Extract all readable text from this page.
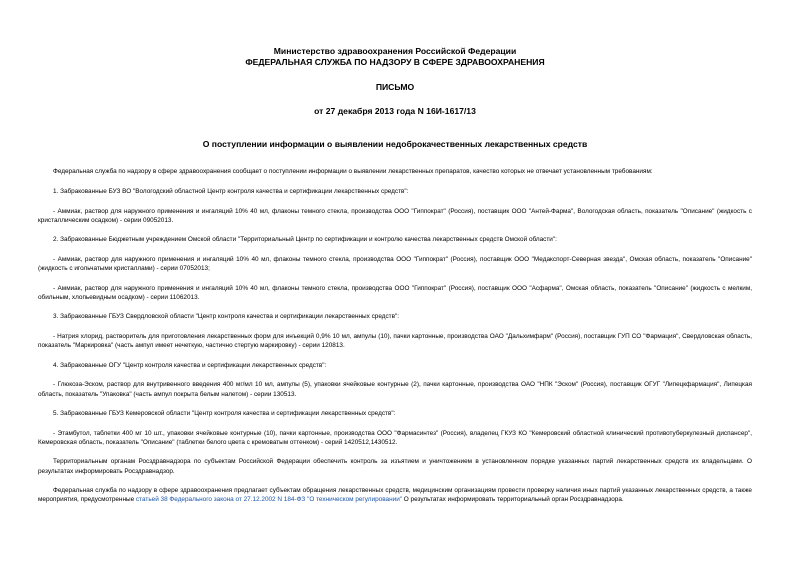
Министерство здравоохранения Российской Федерации
ФЕДЕРАЛЬНАЯ СЛУЖБА ПО НАДЗОРУ В СФЕРЕ ЗДРАВООХРАНЕНИЯ
ПИСЬМО
от 27 декабря 2013 года N 16И-1617/13
О поступлении информации о выявлении недоброкачественных лекарственных средств

Федеральная служба по надзору в сфере здравоохранения сообщает о поступлении информации о выявлении лекарственных препаратов, качество которых не отвечает установленным требованиям:

1. Забракованные БУЗ ВО "Вологодский областной Центр контроля качества и сертификации лекарственных средств":

- Аммиак, раствор для наружного применения и ингаляций 10% 40 мл, флаконы темного стекла, производства ООО "Гиппократ" (Россия), поставщик ООО "Антей-Фарма", Вологодская область, показатель "Описание" (жидкость с кристаллическим осадком) - серии 09052013.

2. Забракованные Бюджетным учреждением Омской области "Территориальный Центр по сертификации и контролю качества лекарственных средств Омской области":

- Аммиак, раствор для наружного применения и ингаляций 10% 40 мл, флаконы темного стекла, производства ООО "Гиппократ" (Россия), поставщик ООО "Медакспорт-Северная звезда", Омская область, показатель "Описание" (жидкость с игольчатыми кристаллами) - серии 07052013;

- Аммиак, раствор для наружного применения и ингаляций 10% 40 мл, флаконы темного стекла, производства ООО "Гиппократ" (Россия), поставщик ООО "Асфарма", Омская область, показатель "Описание" (жидкость с мелким, обильным, хлопьевидным осадком) - серии 11062013.

3. Забракованные ГБУЗ Свердловской области "Центр контроля качества и сертификации лекарственных средств":

- Натрия хлорид, растворитель для приготовления лекарственных форм для инъекций 0,9% 10 мл, ампулы (10), пачки картонные, производства ОАО "Дальхимфарм" (Россия), поставщик ГУП СО "Фармация", Свердловская область, показатель "Маркировка" (часть ампул имеет нечеткую, частично стертую маркировку) - серии 120813.

4. Забракованные ОГУ "Центр контроля качества и сертификации лекарственных средств":

- Глюкоза-Эском, раствор для внутривенного введения 400 мг/мл 10 мл, ампулы (5), упаковки ячейковые контурные (2), пачки картонные, производства ОАО "НПК "Эском" (Россия), поставщик ОГУГ "Липецкфармация", Липецкая область, показатель "Упаковка" (часть ампул покрыта белым налетом) - серии 130513.

5. Забракованные ГБУЗ Кемеровской области "Центр контроля качества и сертификации лекарственных средств":

- Этамбутол, таблетки 400 мг 10 шт., упаковки ячейковые контурные (10), пачки картонные, производства ООО "Фармасинтез" (Россия), владелец ГКУЗ КО "Кемеровский областной клинический противотуберкулезный диспансер", Кемеровская область, показатель "Описание" (таблетки белого цвета с кремоватым оттенком) - серий 1420512,1430512.

Территориальным органам Росздравнадзора по субъектам Российской Федерации обеспечить контроль за изъятием и уничтожением в установленном порядке указанных партий лекарственных средств их владельцами. О результатах информировать Росздравнадзор.

Федеральная служба по надзору в сфере здравоохранения предлагает субъектам обращения лекарственных средств, медицинским организациям провести проверку наличия иных партий указанных лекарственных средств, а также мероприятия, предусмотренные статьей 38 Федерального закона от 27.12.2002 N 184-ФЗ "О техническом регулировании" О результатах информировать территориальный орган Росздравнадзора.
